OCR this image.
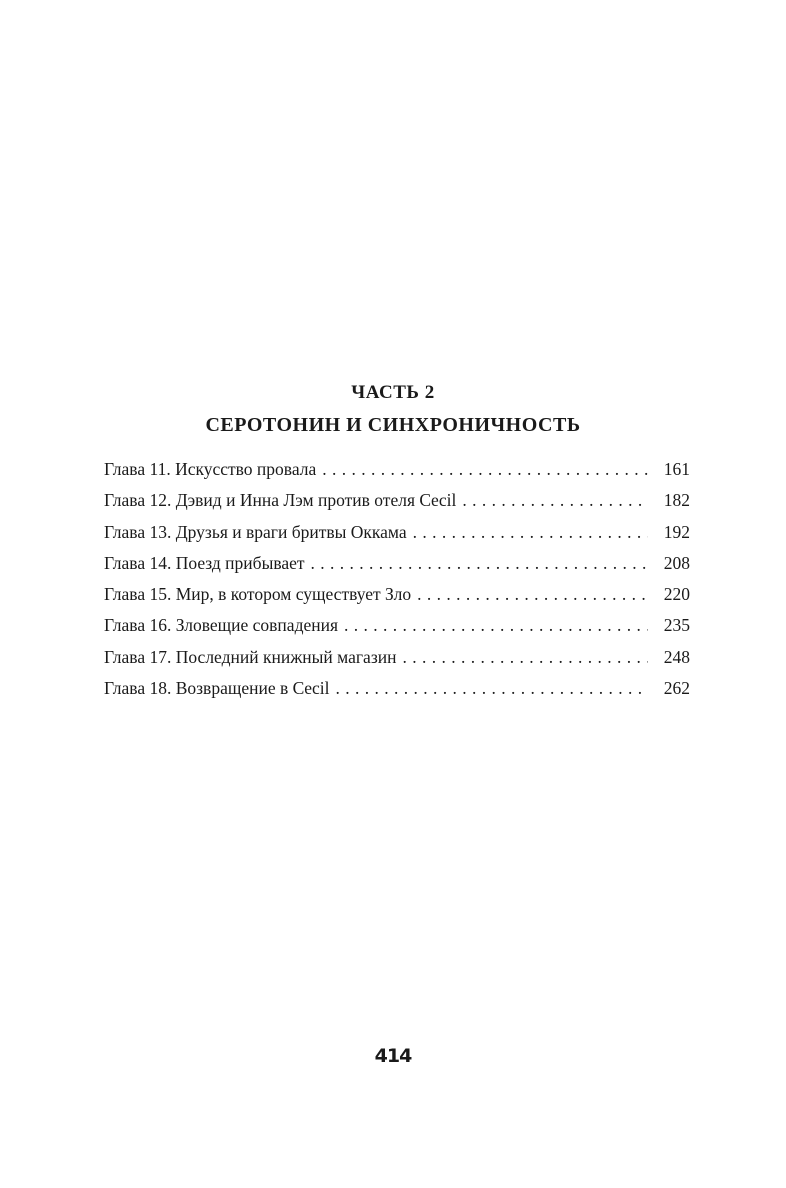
ЧАСТЬ 2
СЕРОТОНИН И СИНХРОНИЧНОСТЬ
Глава 11. Искусство провала . . .	161
Глава 12. Дэвид и Инна Лэм против отеля Cecil . . .	182
Глава 13. Друзья и враги бритвы Оккама . . .	192
Глава 14. Поезд прибывает . . .	208
Глава 15. Мир, в котором существует Зло . . .	220
Глава 16. Зловещие совпадения . . .	235
Глава 17. Последний книжный магазин . . .	248
Глава 18. Возвращение в Cecil . . .	262
414
